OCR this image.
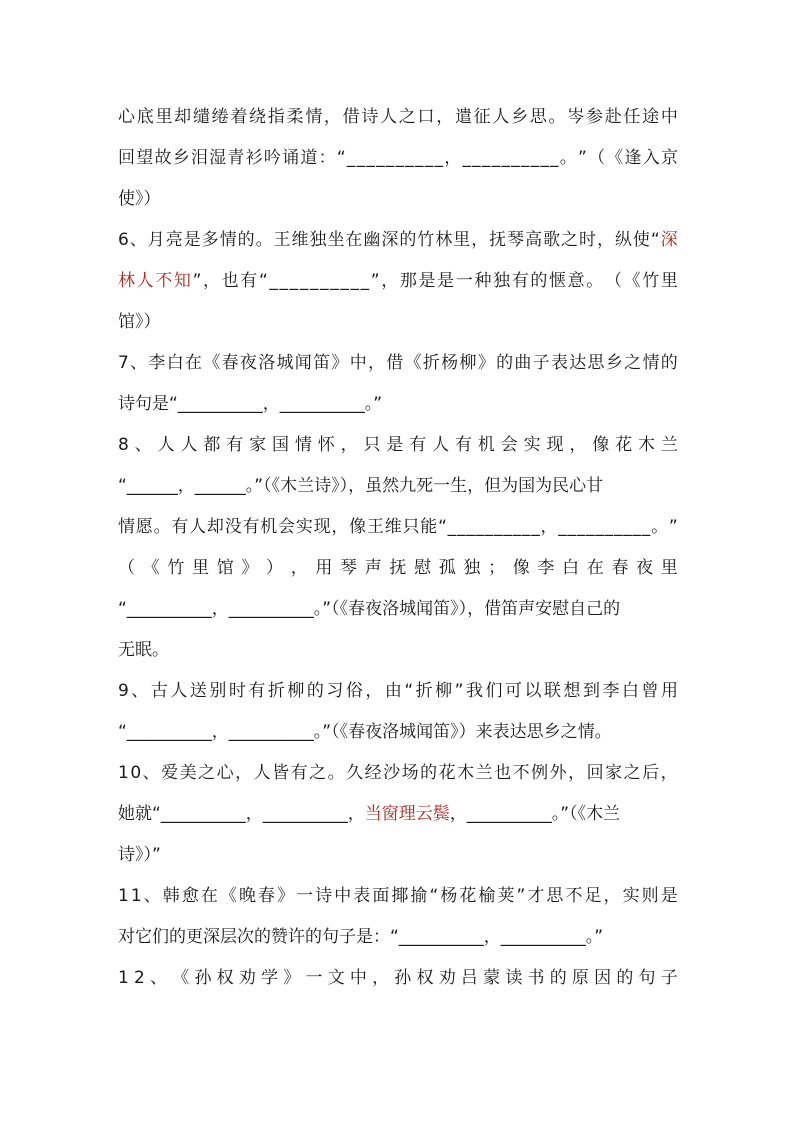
心 底 里 却 缱 绻 着 绕 指 柔 情 ， 借 诗 人 之 口 ， 遣 征 人 乡 思 。 岑 参 赴 任 途 中
回 望 故 乡 泪 湿 青 衫 吟 诵 道 ： “ _ _ _ _ _ _ _ _ _ _ ， _ _ _ _ _ _ _ _ _ _ 。 ” （ 《 逢 入 京
使》）
6 、 月 亮 是 多 情 的 。 王 维 独 坐 在 幽 深 的 竹 林 里 ， 抚 琴 高 歌 之 时 ， 纵 使 “ 深
林 人 不 知 ” ， 也 有 “ _ _ _ _ _ _ _ _ _ _ ” ， 那 是 是 一 种 独 有 的 惬 意 。 （ 《 竹 里
馆》）
7 、 李 白 在 《 春 夜 洛 城 闻 笛 》 中 ， 借 《 折 杨 柳 》 的 曲 子 表 达 思 乡 之 情 的
诗句是“__________，__________。”
8 、 人 人 都 有 家 国 情 怀 ， 只 是 有 人 有 机 会 实 现 ， 像 花 木 兰
“______，______。”（《木兰诗》），虽然九死一生，但为国为民心甘
情 愿 。 有 人 却 没 有 机 会 实 现 ， 像 王 维 只 能 “ _ _ _ _ _ _ _ _ _ _ ， _ _ _ _ _ _ _ _ _ _ 。 ”
（ 《 竹 里 馆 》 ） ， 用 琴 声 抚 慰 孤 独 ； 像 李 白 在 春 夜 里
“__________，__________。”（《春夜洛城闻笛》），借笛声安慰自己的
无眠。
9 、 古 人 送 别 时 有 折 柳 的 习 俗 ， 由 “ 折 柳 ” 我 们 可 以 联 想 到 李 白 曾 用
“__________，__________。”（《春夜洛城闻笛》）来表达思乡之情。
1 0 、 爱 美 之 心 ， 人 皆 有 之 。 久 经 沙 场 的 花 木 兰 也 不 例 外 ， 回 家 之 后 ，
她就“__________，__________，当窗理云鬓，__________。”（《木兰
诗》）”
1 1 、 韩 愈 在 《 晚 春 》 一 诗 中 表 面 揶 揄 “ 杨 花 榆 荚 ” 才 思 不 足 ， 实 则 是
对它们的更深层次的赞许的句子是：“__________，__________。”
1 2 、 《 孙 权 劝 学 》 一 文 中 ， 孙 权 劝 吕 蒙 读 书 的 原 因 的 句 子
